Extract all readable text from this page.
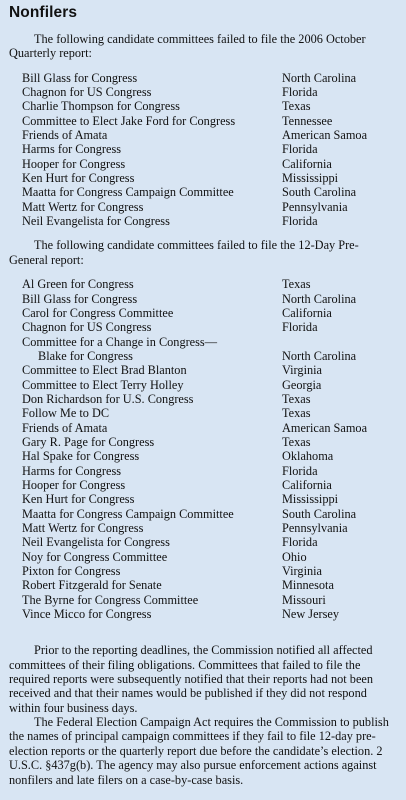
Nonfilers
The following candidate committees failed to file the 2006 October Quarterly report:
Bill Glass for Congress	North Carolina
Chagnon for US Congress	Florida
Charlie Thompson for Congress	Texas
Committee to Elect Jake Ford for Congress	Tennessee
Friends of Amata	American Samoa
Harms for Congress	Florida
Hooper for Congress	California
Ken Hurt for Congress	Mississippi
Maatta for Congress Campaign Committee	South Carolina
Matt Wertz for Congress	Pennsylvania
Neil Evangelista for Congress	Florida
The following candidate committees failed to file the 12-Day Pre-General report:
Al Green for Congress	Texas
Bill Glass for Congress	North Carolina
Carol for Congress Committee	California
Chagnon for US Congress	Florida
Committee for a Change in Congress—
Blake for Congress	North Carolina
Committee to Elect Brad Blanton	Virginia
Committee to Elect Terry Holley	Georgia
Don Richardson for U.S. Congress	Texas
Follow Me to DC	Texas
Friends of Amata	American Samoa
Gary R. Page for Congress	Texas
Hal Spake for Congress	Oklahoma
Harms for Congress	Florida
Hooper for Congress	California
Ken Hurt for Congress	Mississippi
Maatta for Congress Campaign Committee	South Carolina
Matt Wertz for Congress	Pennsylvania
Neil Evangelista for Congress	Florida
Noy for Congress Committee	Ohio
Pixton for Congress	Virginia
Robert Fitzgerald for Senate	Minnesota
The Byrne for Congress Committee	Missouri
Vince Micco for Congress	New Jersey

Prior to the reporting deadlines, the Commission notified all affected committees of their filing obligations. Committees that failed to file the required reports were subsequently notified that their reports had not been received and that their names would be published if they did not respond within four business days.

The Federal Election Campaign Act requires the Commission to publish the names of principal campaign committees if they fail to file 12-day pre-election reports or the quarterly report due before the candidate’s election. 2 U.S.C. §437g(b). The agency may also pursue enforcement actions against nonfilers and late filers on a case-by-case basis.
